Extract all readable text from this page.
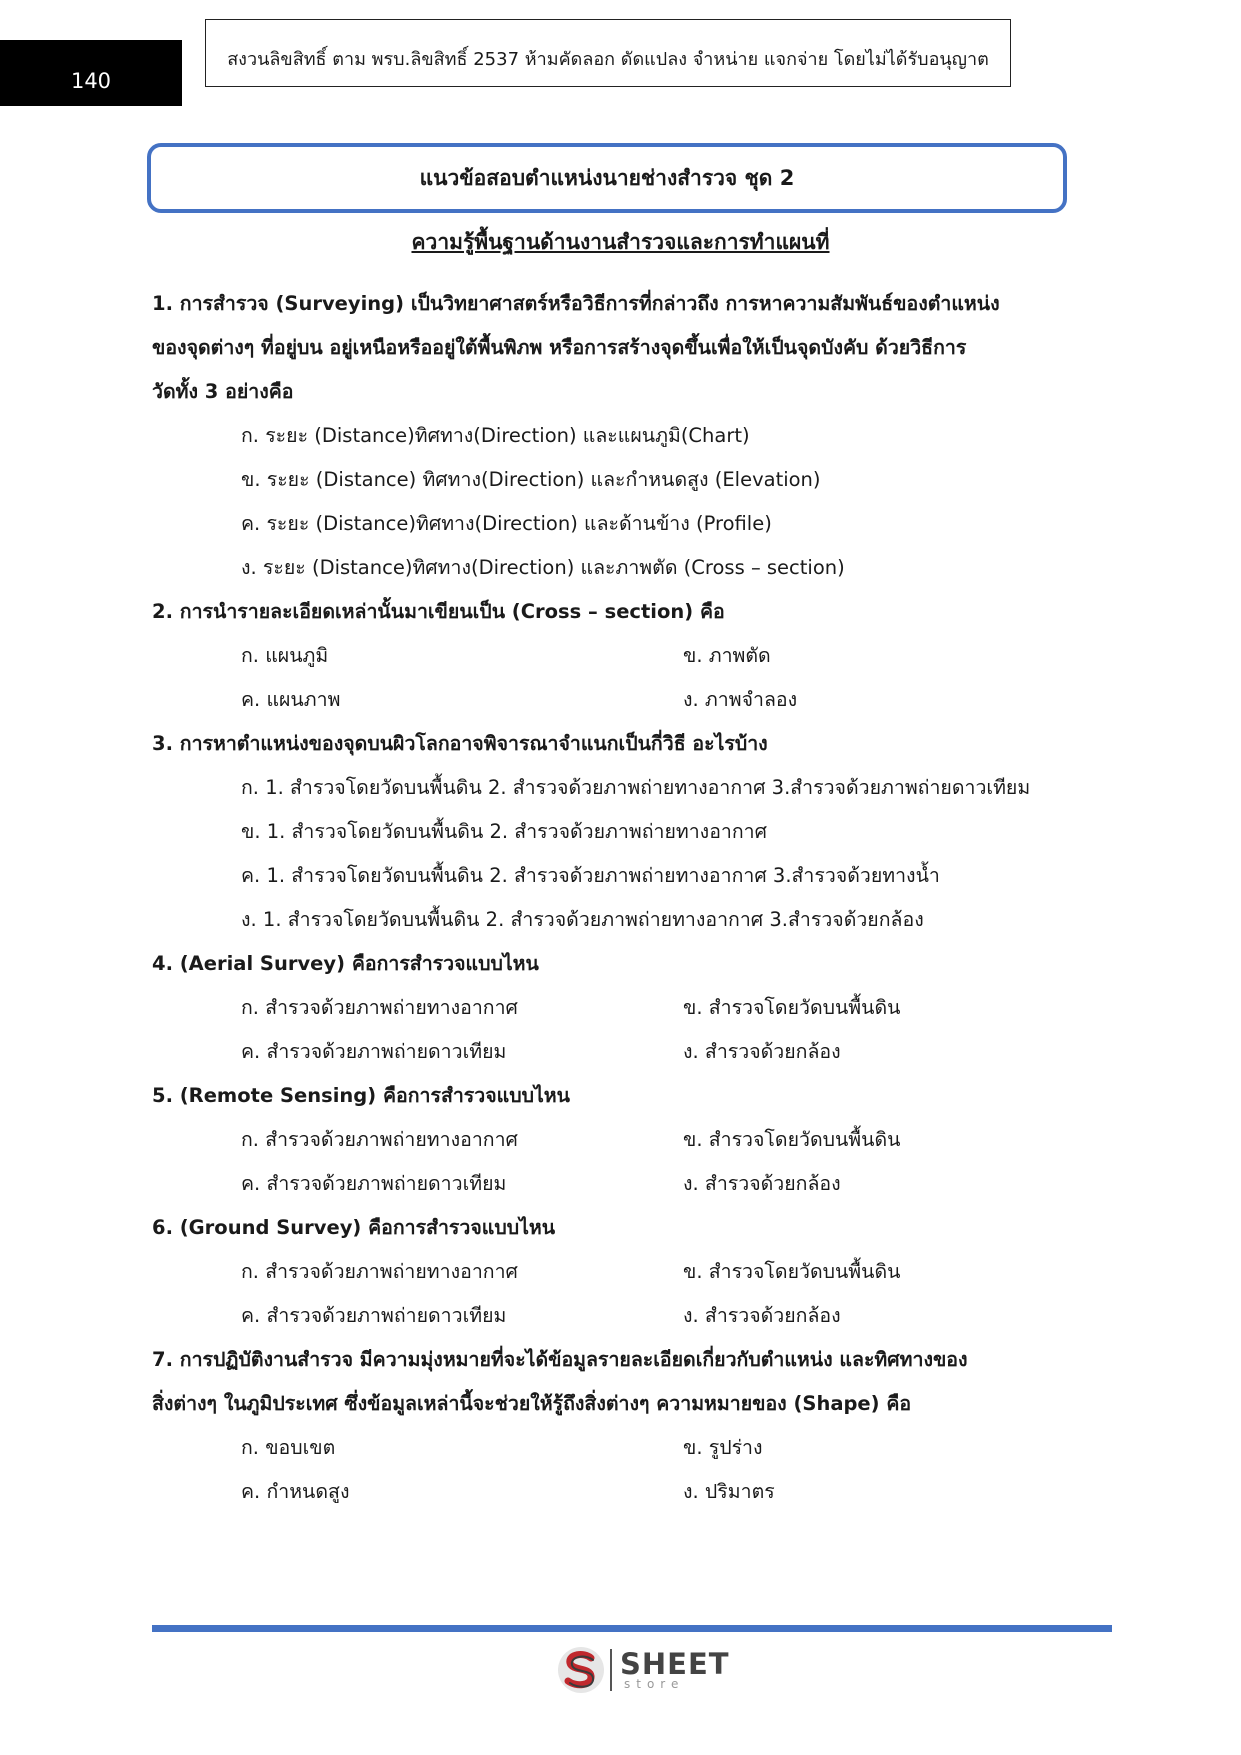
140
สงวนลิขสิทธิ์ ตาม พรบ.ลิขสิทธิ์ 2537 ห้ามคัดลอก ดัดแปลง จำหน่าย แจกจ่าย โดยไม่ได้รับอนุญาต
แนวข้อสอบตำแหน่งนายช่างสำรวจ ชุด 2
ความรู้พื้นฐานด้านงานสำรวจและการทำแผนที่
1. การสำรวจ (Surveying) เป็นวิทยาศาสตร์หรือวิธีการที่กล่าวถึง การหาความสัมพันธ์ของตำแหน่ง
ของจุดต่างๆ ที่อยู่บน อยู่เหนือหรืออยู่ใต้พื้นพิภพ หรือการสร้างจุดขึ้นเพื่อให้เป็นจุดบังคับ ด้วยวิธีการ
วัดทั้ง 3 อย่างคือ
ก. ระยะ (Distance)ทิศทาง(Direction) และแผนภูมิ(Chart)
ข. ระยะ (Distance) ทิศทาง(Direction) และกำหนดสูง (Elevation)
ค. ระยะ (Distance)ทิศทาง(Direction) และด้านข้าง (Profile)
ง. ระยะ (Distance)ทิศทาง(Direction) และภาพตัด (Cross – section)
2. การนำรายละเอียดเหล่านั้นมาเขียนเป็น (Cross – section) คือ
ก. แผนภูมิ	ข. ภาพตัด
ค. แผนภาพ	ง. ภาพจำลอง
3. การหาตำแหน่งของจุดบนผิวโลกอาจพิจารณาจำแนกเป็นกี่วิธี อะไรบ้าง
ก. 1. สำรวจโดยวัดบนพื้นดิน 2. สำรวจด้วยภาพถ่ายทางอากาศ 3.สำรวจด้วยภาพถ่ายดาวเทียม
ข. 1. สำรวจโดยวัดบนพื้นดิน 2. สำรวจด้วยภาพถ่ายทางอากาศ
ค. 1. สำรวจโดยวัดบนพื้นดิน 2. สำรวจด้วยภาพถ่ายทางอากาศ 3.สำรวจด้วยทางน้ำ
ง. 1. สำรวจโดยวัดบนพื้นดิน 2. สำรวจด้วยภาพถ่ายทางอากาศ 3.สำรวจด้วยกล้อง
4. (Aerial Survey) คือการสำรวจแบบไหน
ก. สำรวจด้วยภาพถ่ายทางอากาศ	ข. สำรวจโดยวัดบนพื้นดิน
ค. สำรวจด้วยภาพถ่ายดาวเทียม	ง. สำรวจด้วยกล้อง
5. (Remote Sensing) คือการสำรวจแบบไหน
ก. สำรวจด้วยภาพถ่ายทางอากาศ	ข. สำรวจโดยวัดบนพื้นดิน
ค. สำรวจด้วยภาพถ่ายดาวเทียม	ง. สำรวจด้วยกล้อง
6. (Ground Survey) คือการสำรวจแบบไหน
ก. สำรวจด้วยภาพถ่ายทางอากาศ	ข. สำรวจโดยวัดบนพื้นดิน
ค. สำรวจด้วยภาพถ่ายดาวเทียม	ง. สำรวจด้วยกล้อง
7. การปฏิบัติงานสำรวจ มีความมุ่งหมายที่จะได้ข้อมูลรายละเอียดเกี่ยวกับตำแหน่ง และทิศทางของ
สิ่งต่างๆ ในภูมิประเทศ ซึ่งข้อมูลเหล่านี้จะช่วยให้รู้ถึงสิ่งต่างๆ ความหมายของ (Shape) คือ
ก. ขอบเขต	ข. รูปร่าง
ค. กำหนดสูง	ง. ปริมาตร
SHEET
store
